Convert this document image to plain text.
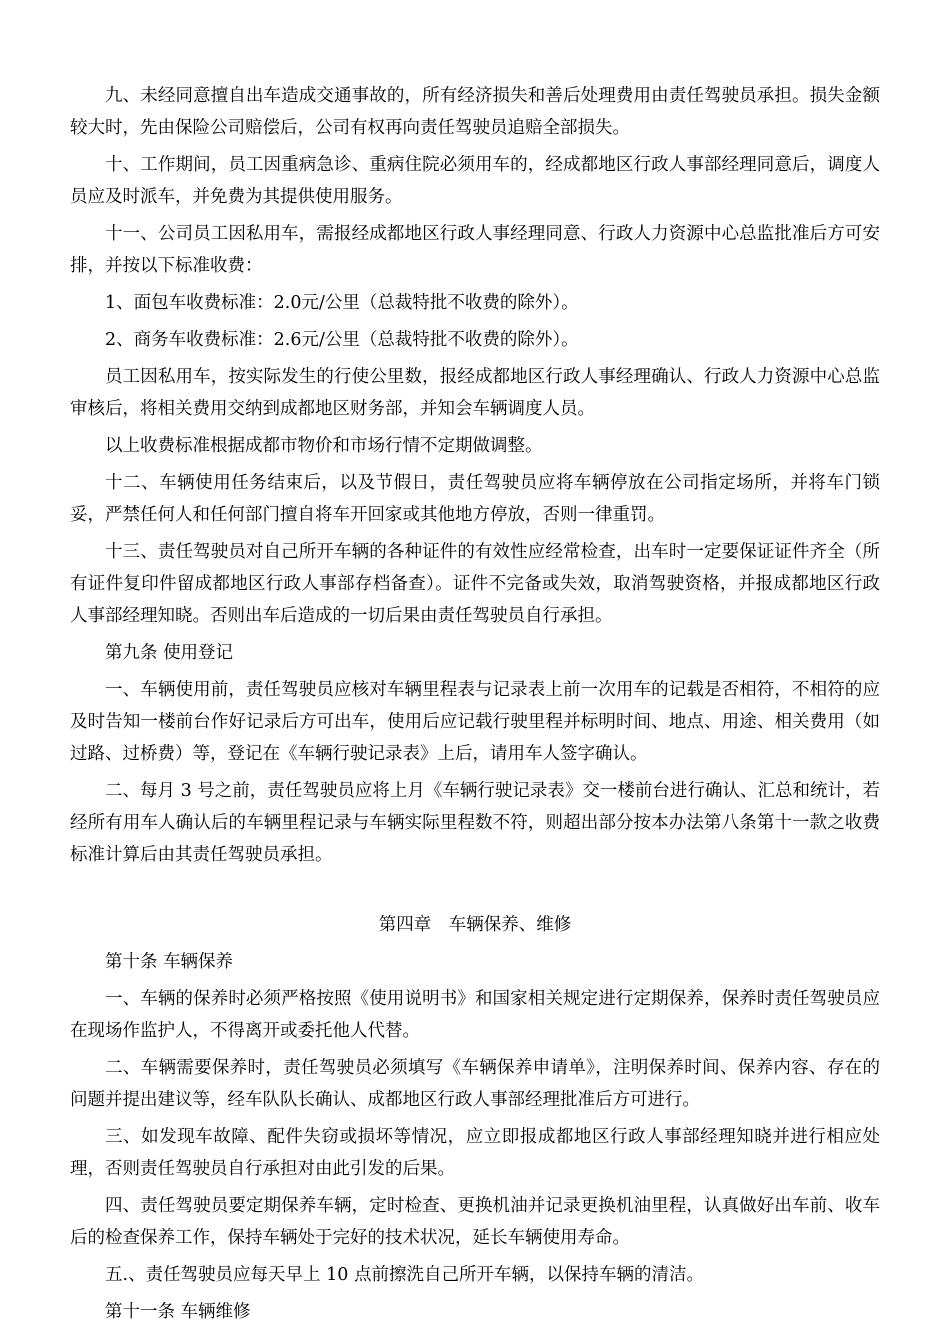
九、未经同意擅自出车造成交通事故的，所有经济损失和善后处理费用由责任驾驶员承担。损失金额较大时，先由保险公司赔偿后，公司有权再向责任驾驶员追赔全部损失。

十、工作期间，员工因重病急诊、重病住院必须用车的，经成都地区行政人事部经理同意后，调度人员应及时派车，并免费为其提供使用服务。

十一、公司员工因私用车，需报经成都地区行政人事经理同意、行政人力资源中心总监批准后方可安排，并按以下标准收费：

1、面包车收费标准：2.0元/公里（总裁特批不收费的除外）。

2、商务车收费标准：2.6元/公里（总裁特批不收费的除外）。

员工因私用车，按实际发生的行使公里数，报经成都地区行政人事经理确认、行政人力资源中心总监审核后，将相关费用交纳到成都地区财务部，并知会车辆调度人员。

以上收费标准根据成都市物价和市场行情不定期做调整。

十二、车辆使用任务结束后，以及节假日，责任驾驶员应将车辆停放在公司指定场所，并将车门锁妥，严禁任何人和任何部门擅自将车开回家或其他地方停放，否则一律重罚。

十三、责任驾驶员对自己所开车辆的各种证件的有效性应经常检查，出车时一定要保证证件齐全（所有证件复印件留成都地区行政人事部存档备查）。证件不完备或失效，取消驾驶资格，并报成都地区行政人事部经理知晓。否则出车后造成的一切后果由责任驾驶员自行承担。

第九条 使用登记

一、车辆使用前，责任驾驶员应核对车辆里程表与记录表上前一次用车的记载是否相符，不相符的应及时告知一楼前台作好记录后方可出车，使用后应记载行驶里程并标明时间、地点、用途、相关费用（如过路、过桥费）等，登记在《车辆行驶记录表》上后，请用车人签字确认。

二、每月 3 号之前，责任驾驶员应将上月《车辆行驶记录表》交一楼前台进行确认、汇总和统计，若经所有用车人确认后的车辆里程记录与车辆实际里程数不符，则超出部分按本办法第八条第十一款之收费标准计算后由其责任驾驶员承担。

第四章　车辆保养、维修

第十条 车辆保养

一、车辆的保养时必须严格按照《使用说明书》和国家相关规定进行定期保养，保养时责任驾驶员应在现场作监护人，不得离开或委托他人代替。

二、车辆需要保养时，责任驾驶员必须填写《车辆保养申请单》，注明保养时间、保养内容、存在的问题并提出建议等，经车队队长确认、成都地区行政人事部经理批准后方可进行。

三、如发现车故障、配件失窃或损坏等情况，应立即报成都地区行政人事部经理知晓并进行相应处理，否则责任驾驶员自行承担对由此引发的后果。

四、责任驾驶员要定期保养车辆，定时检查、更换机油并记录更换机油里程，认真做好出车前、收车后的检查保养工作，保持车辆处于完好的技术状况，延长车辆使用寿命。

五.、责任驾驶员应每天早上 10 点前擦洗自己所开车辆，以保持车辆的清洁。

第十一条 车辆维修
